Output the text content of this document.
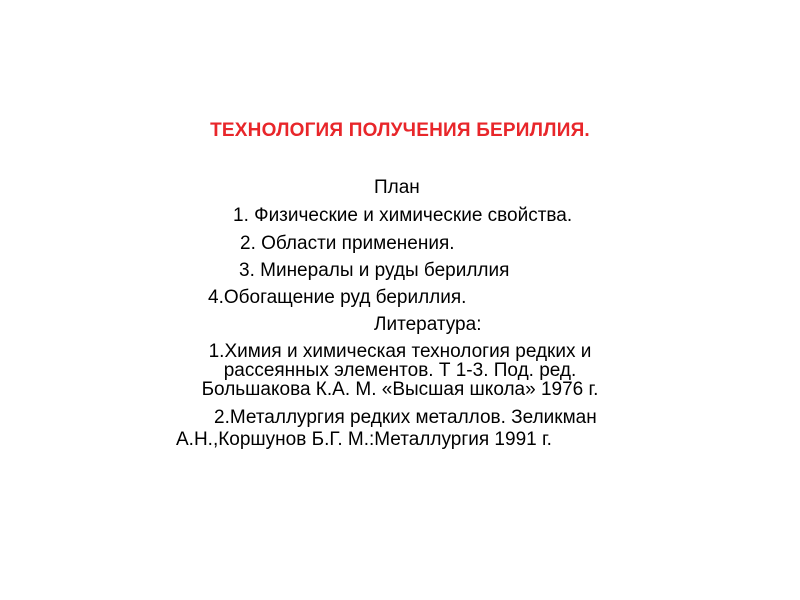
ТЕХНОЛОГИЯ ПОЛУЧЕНИЯ БЕРИЛЛИЯ.
План
1. Физические и химические свойства.
2. Области применения.
3. Минералы и руды бериллия
4.Обогащение руд бериллия.
Литература:
1.Химия и химическая технология редких и
рассеянных элементов. Т 1-3. Под. ред.
Большакова К.А. М. «Высшая школа» 1976 г.
2.Металлургия редких металлов. Зеликман
А.Н.,Коршунов Б.Г. М.:Металлургия 1991 г.
